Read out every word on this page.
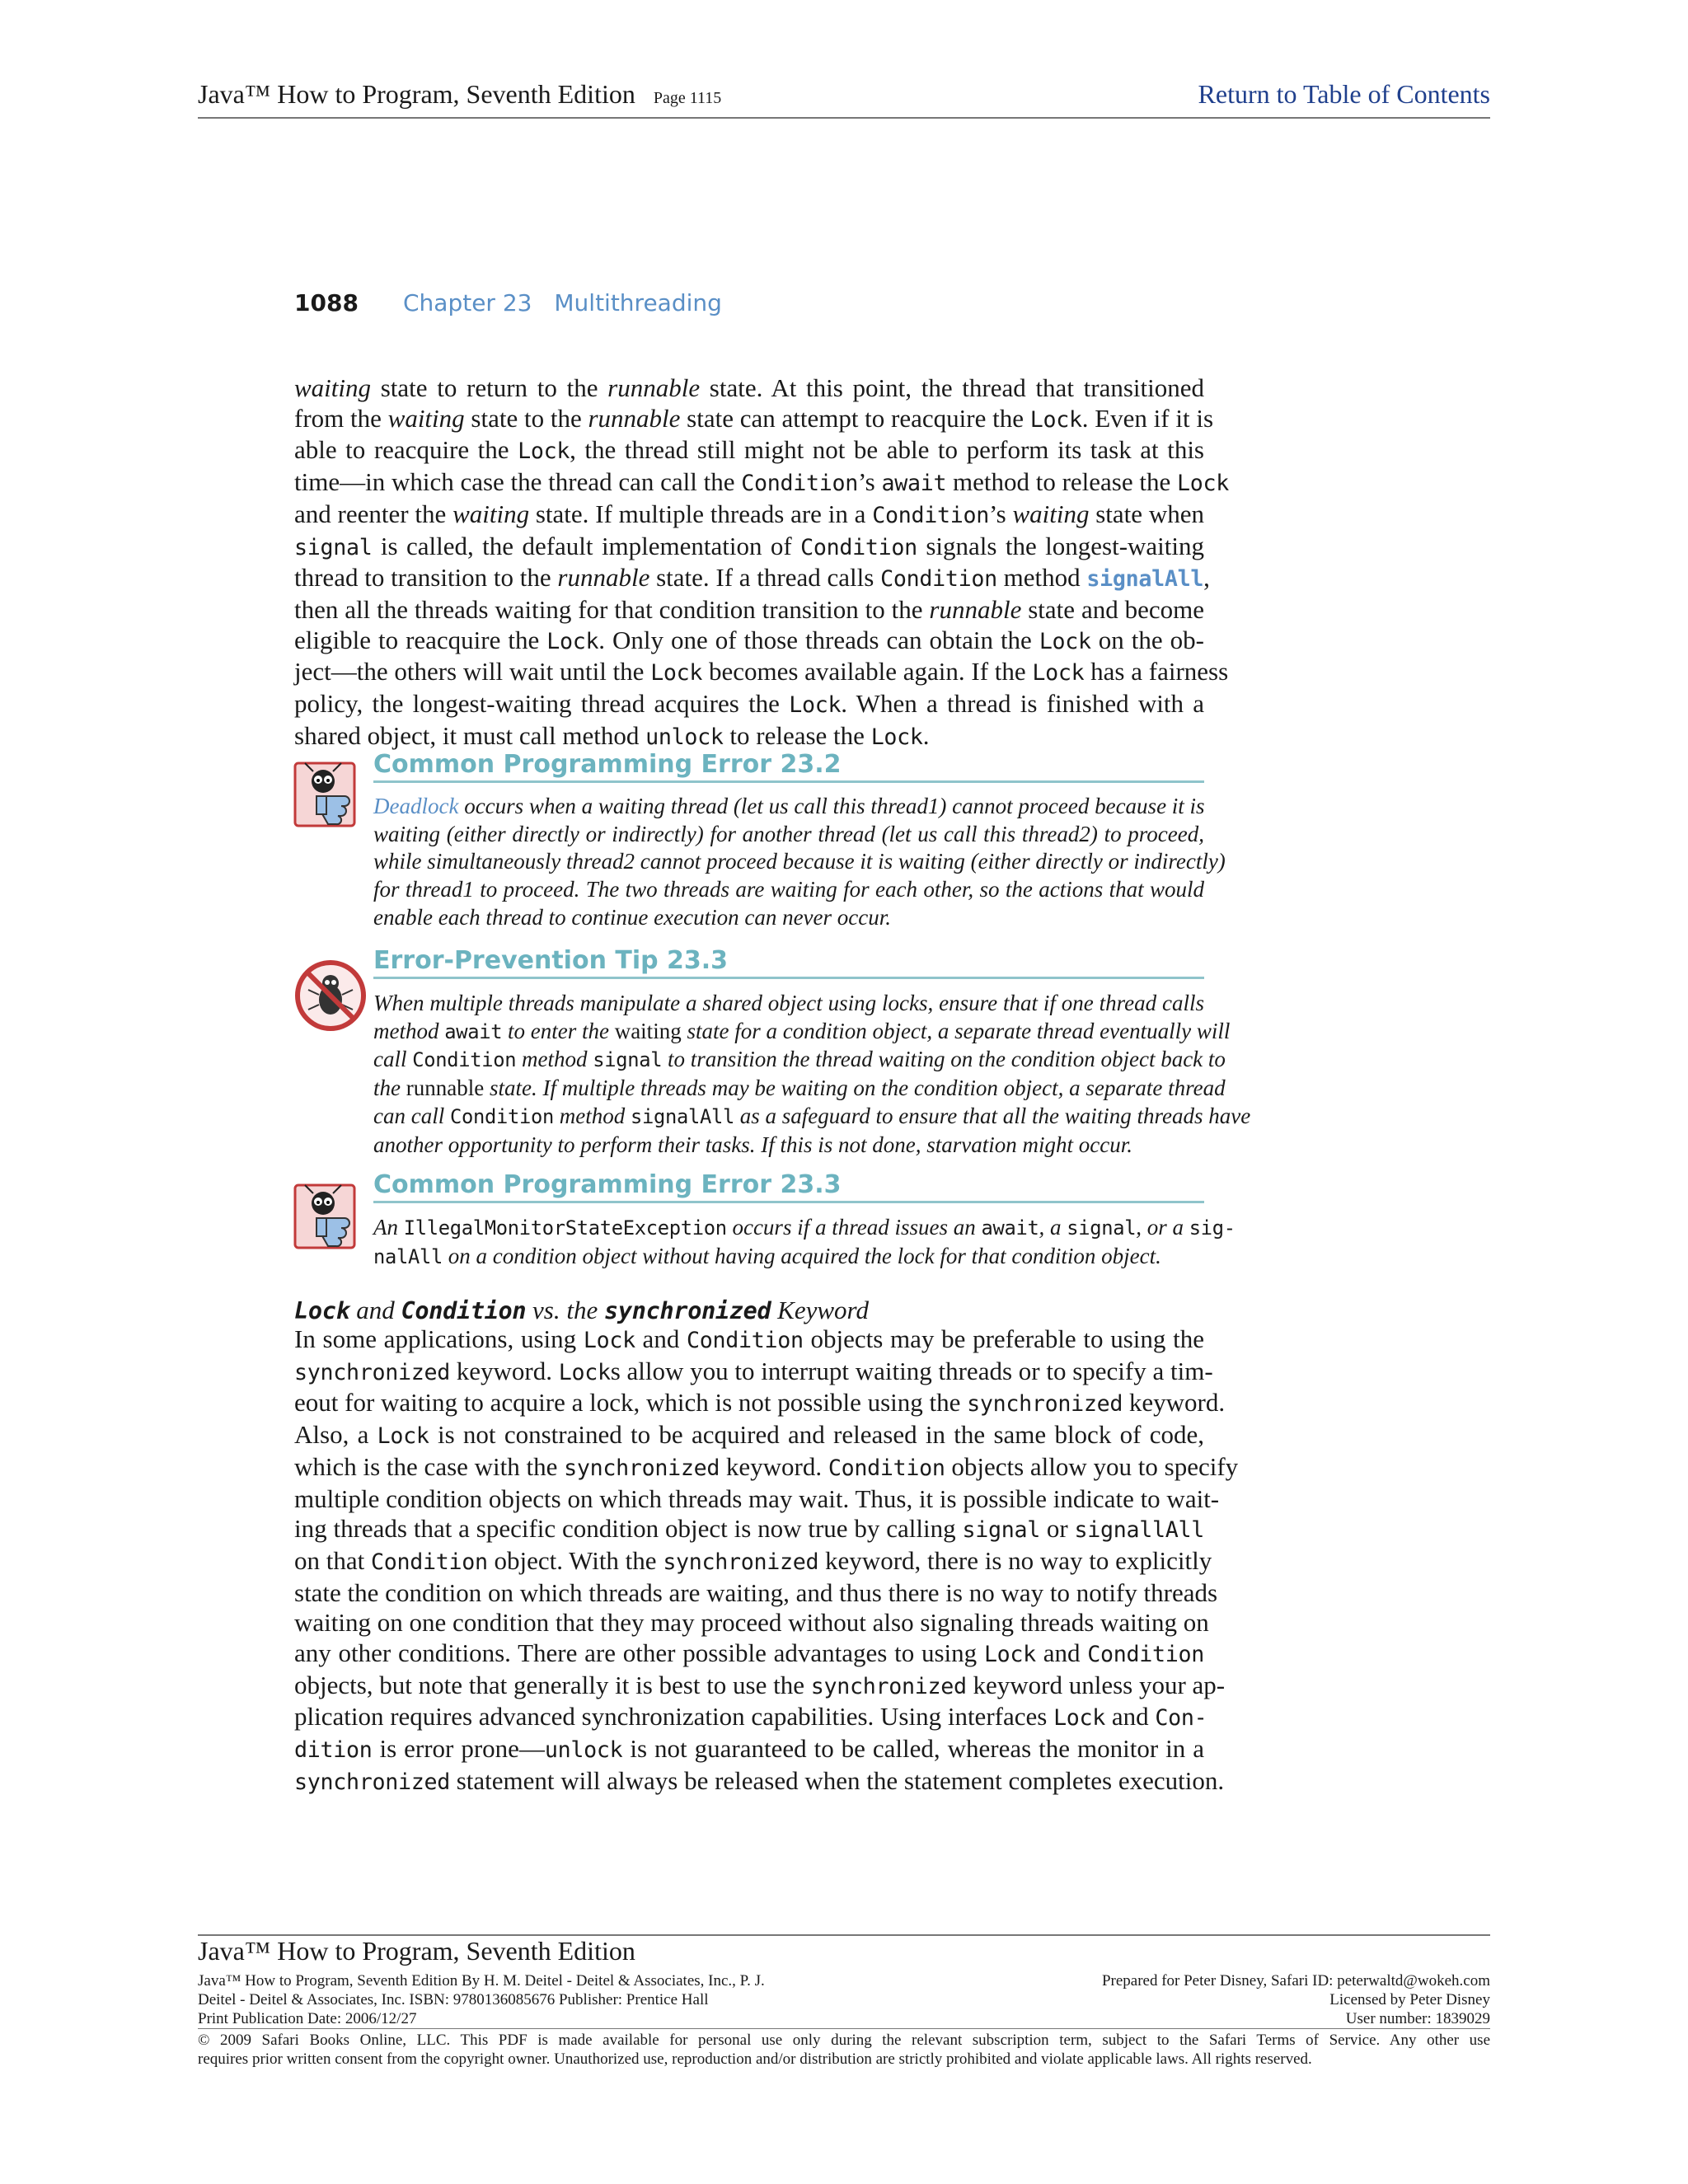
Java™ How to Program, Seventh Edition Page 1115	Return to Table of Contents
1088 Chapter 23 Multithreading
waiting state to return to the runnable state. At this point, the thread that transitioned
from the waiting state to the runnable state can attempt to reacquire the Lock. Even if it is
able to reacquire the Lock, the thread still might not be able to perform its task at this
time—in which case the thread can call the Condition’s await method to release the Lock
and reenter the waiting state. If multiple threads are in a Condition’s waiting state when
signal is called, the default implementation of Condition signals the longest-waiting
thread to transition to the runnable state. If a thread calls Condition method signalAll,
then all the threads waiting for that condition transition to the runnable state and become
eligible to reacquire the Lock. Only one of those threads can obtain the Lock on the ob-
ject—the others will wait until the Lock becomes available again. If the Lock has a fairness
policy, the longest-waiting thread acquires the Lock. When a thread is finished with a
shared object, it must call method unlock to release the Lock.
Common Programming Error 23.2
Deadlock occurs when a waiting thread (let us call this thread1) cannot proceed because it is
waiting (either directly or indirectly) for another thread (let us call this thread2) to proceed,
while simultaneously thread2 cannot proceed because it is waiting (either directly or indirectly)
for thread1 to proceed. The two threads are waiting for each other, so the actions that would
enable each thread to continue execution can never occur.
Error-Prevention Tip 23.3
When multiple threads manipulate a shared object using locks, ensure that if one thread calls
method await to enter the waiting state for a condition object, a separate thread eventually will
call Condition method signal to transition the thread waiting on the condition object back to
the runnable state. If multiple threads may be waiting on the condition object, a separate thread
can call Condition method signalAll as a safeguard to ensure that all the waiting threads have
another opportunity to perform their tasks. If this is not done, starvation might occur.
Common Programming Error 23.3
An IllegalMonitorStateException occurs if a thread issues an await, a signal, or a sig-
nalAll on a condition object without having acquired the lock for that condition object.
Lock and Condition vs. the synchronized Keyword
In some applications, using Lock and Condition objects may be preferable to using the
synchronized keyword. Locks allow you to interrupt waiting threads or to specify a tim-
eout for waiting to acquire a lock, which is not possible using the synchronized keyword.
Also, a Lock is not constrained to be acquired and released in the same block of code,
which is the case with the synchronized keyword. Condition objects allow you to specify
multiple condition objects on which threads may wait. Thus, it is possible indicate to wait-
ing threads that a specific condition object is now true by calling signal or signallAll
on that Condition object. With the synchronized keyword, there is no way to explicitly
state the condition on which threads are waiting, and thus there is no way to notify threads
waiting on one condition that they may proceed without also signaling threads waiting on
any other conditions. There are other possible advantages to using Lock and Condition
objects, but note that generally it is best to use the synchronized keyword unless your ap-
plication requires advanced synchronization capabilities. Using interfaces Lock and Con-
dition is error prone—unlock is not guaranteed to be called, whereas the monitor in a
synchronized statement will always be released when the statement completes execution.
Java™ How to Program, Seventh Edition
Java™ How to Program, Seventh Edition By H. M. Deitel - Deitel & Associates, Inc., P. J.
Deitel - Deitel & Associates, Inc. ISBN: 9780136085676 Publisher: Prentice Hall
Print Publication Date: 2006/12/27
Prepared for Peter Disney, Safari ID: peterwaltd@wokeh.com
Licensed by Peter Disney
User number: 1839029
© 2009 Safari Books Online, LLC. This PDF is made available for personal use only during the relevant subscription term, subject to the Safari Terms of Service. Any other use
requires prior written consent from the copyright owner. Unauthorized use, reproduction and/or distribution are strictly prohibited and violate applicable laws. All rights reserved.
